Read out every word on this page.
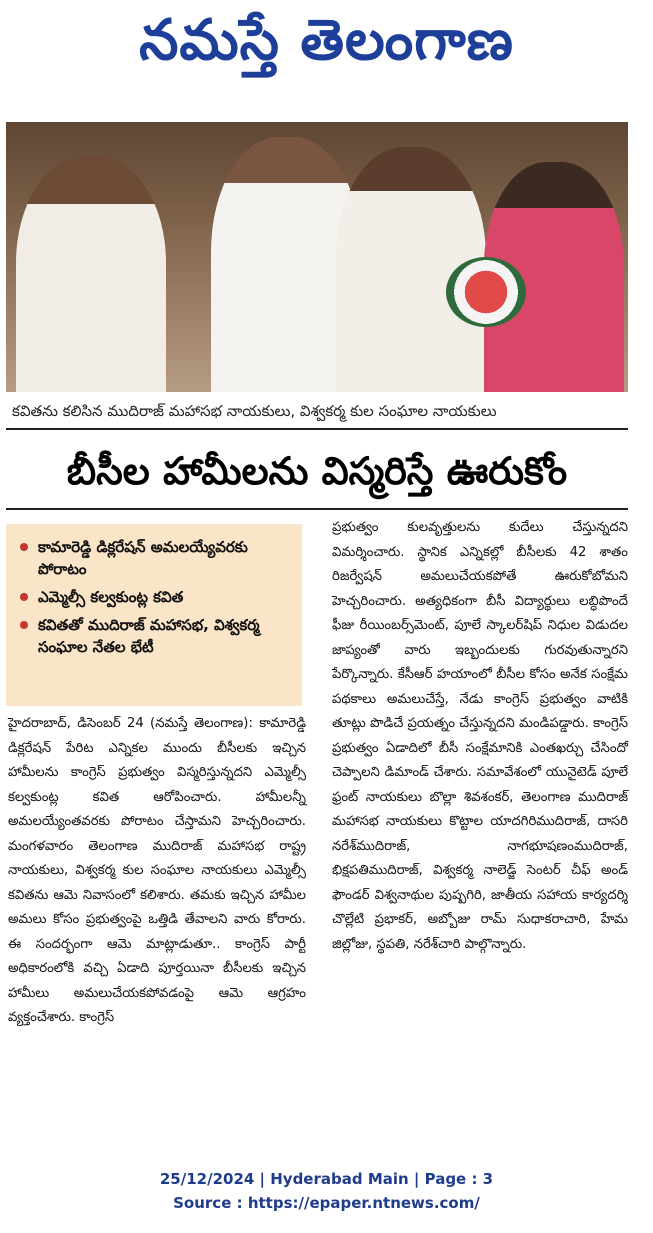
నమస్తే తెలంగాణ
కవితను కలిసిన ముదిరాజ్ మహాసభ నాయకులు, విశ్వకర్మ కుల సంఘాల నాయకులు
బీసీల హామీలను విస్మరిస్తే ఊరుకోం
కామారెడ్డి డిక్లరేషన్ అమలయ్యేవరకు పోరాటం
ఎమ్మెల్సీ కల్వకుంట్ల కవిత
కవితతో ముదిరాజ్ మహాసభ, విశ్వకర్మ సంఘాల నేతల భేటీ

హైదరాబాద్, డిసెంబర్ 24 (నమస్తే తెలంగాణ): కామారెడ్డి డిక్లరేషన్ పేరిట ఎన్నికల ముందు బీసీలకు ఇచ్చిన హామీలను కాంగ్రెస్ ప్రభుత్వం విస్మరిస్తున్నదని ఎమ్మెల్సీ కల్వకుంట్ల కవిత ఆరోపించారు. హామీలన్నీ అమలయ్యేంతవరకు పోరాటం చేస్తామని హెచ్చరించారు. మంగళవారం తెలంగాణ ముదిరాజ్ మహాసభ రాష్ట్ర నాయకులు, విశ్వకర్మ కుల సంఘాల నాయకులు ఎమ్మెల్సీ కవితను ఆమె నివాసంలో కలిశారు. తమకు ఇచ్చిన హామీల అమలు కోసం ప్రభుత్వంపై ఒత్తిడి తేవాలని వారు కోరారు. ఈ సందర్భంగా ఆమె మాట్లాడుతూ.. కాంగ్రెస్ పార్టీ అధికారంలోకి వచ్చి ఏడాది పూర్తయినా బీసీలకు ఇచ్చిన హామీలు అమలుచేయకపోవడంపై ఆమె ఆగ్రహం వ్యక్తంచేశారు. కాంగ్రెస్

ప్రభుత్వం కులవృత్తులను కుదేలు చేస్తున్నదని విమర్శించారు. స్థానిక ఎన్నికల్లో బీసీలకు 42 శాతం రిజర్వేషన్ అమలుచేయకపోతే ఊరుకోబోమని హెచ్చరించారు. అత్యధికంగా బీసీ విద్యార్థులు లబ్ధిపొందే ఫీజు రీయింబర్స్‌మెంట్, పూలే స్కాలర్‌షిప్ నిధుల విడుదల జాప్యంతో వారు ఇబ్బందులకు గురవుతున్నారని పేర్కొన్నారు. కేసీఆర్ హయాంలో బీసీల కోసం అనేక సంక్షేమ పథకాలు అమలుచేస్తే, నేడు కాంగ్రెస్ ప్రభుత్వం వాటికి తూట్లు పొడిచే ప్రయత్నం చేస్తున్నదని మండిపడ్డారు. కాంగ్రెస్ ప్రభుత్వం ఏడాదిలో బీసీ సంక్షేమానికి ఎంతఖర్చు చేసిందో చెప్పాలని డిమాండ్ చేశారు. సమావేశంలో యునైటెడ్ పూలే ఫ్రంట్ నాయకులు బొల్లా శివశంకర్, తెలంగాణ ముదిరాజ్ మహాసభ నాయకులు కొట్టాల యాదగిరిముదిరాజ్, దాసరి నరేశ్‌ముదిరాజ్, నాగభూషణంముదిరాజ్, భిక్షపతిముదిరాజ్, విశ్వకర్మ నాలెడ్జ్ సెంటర్ చీఫ్ అండ్ ఫౌండర్ విశ్వనాథుల పుష్పగిరి, జాతీయ సహాయ కార్యదర్శి చొల్లేటి ప్రభాకర్, అబ్బోజు రామ్ సుధాకరాచారి, హేమ జిల్లోజు, స్థపతి, నరేశ్‌చారి పాల్గొన్నారు.

25/12/2024 | Hyderabad Main | Page : 3
Source : https://epaper.ntnews.com/
